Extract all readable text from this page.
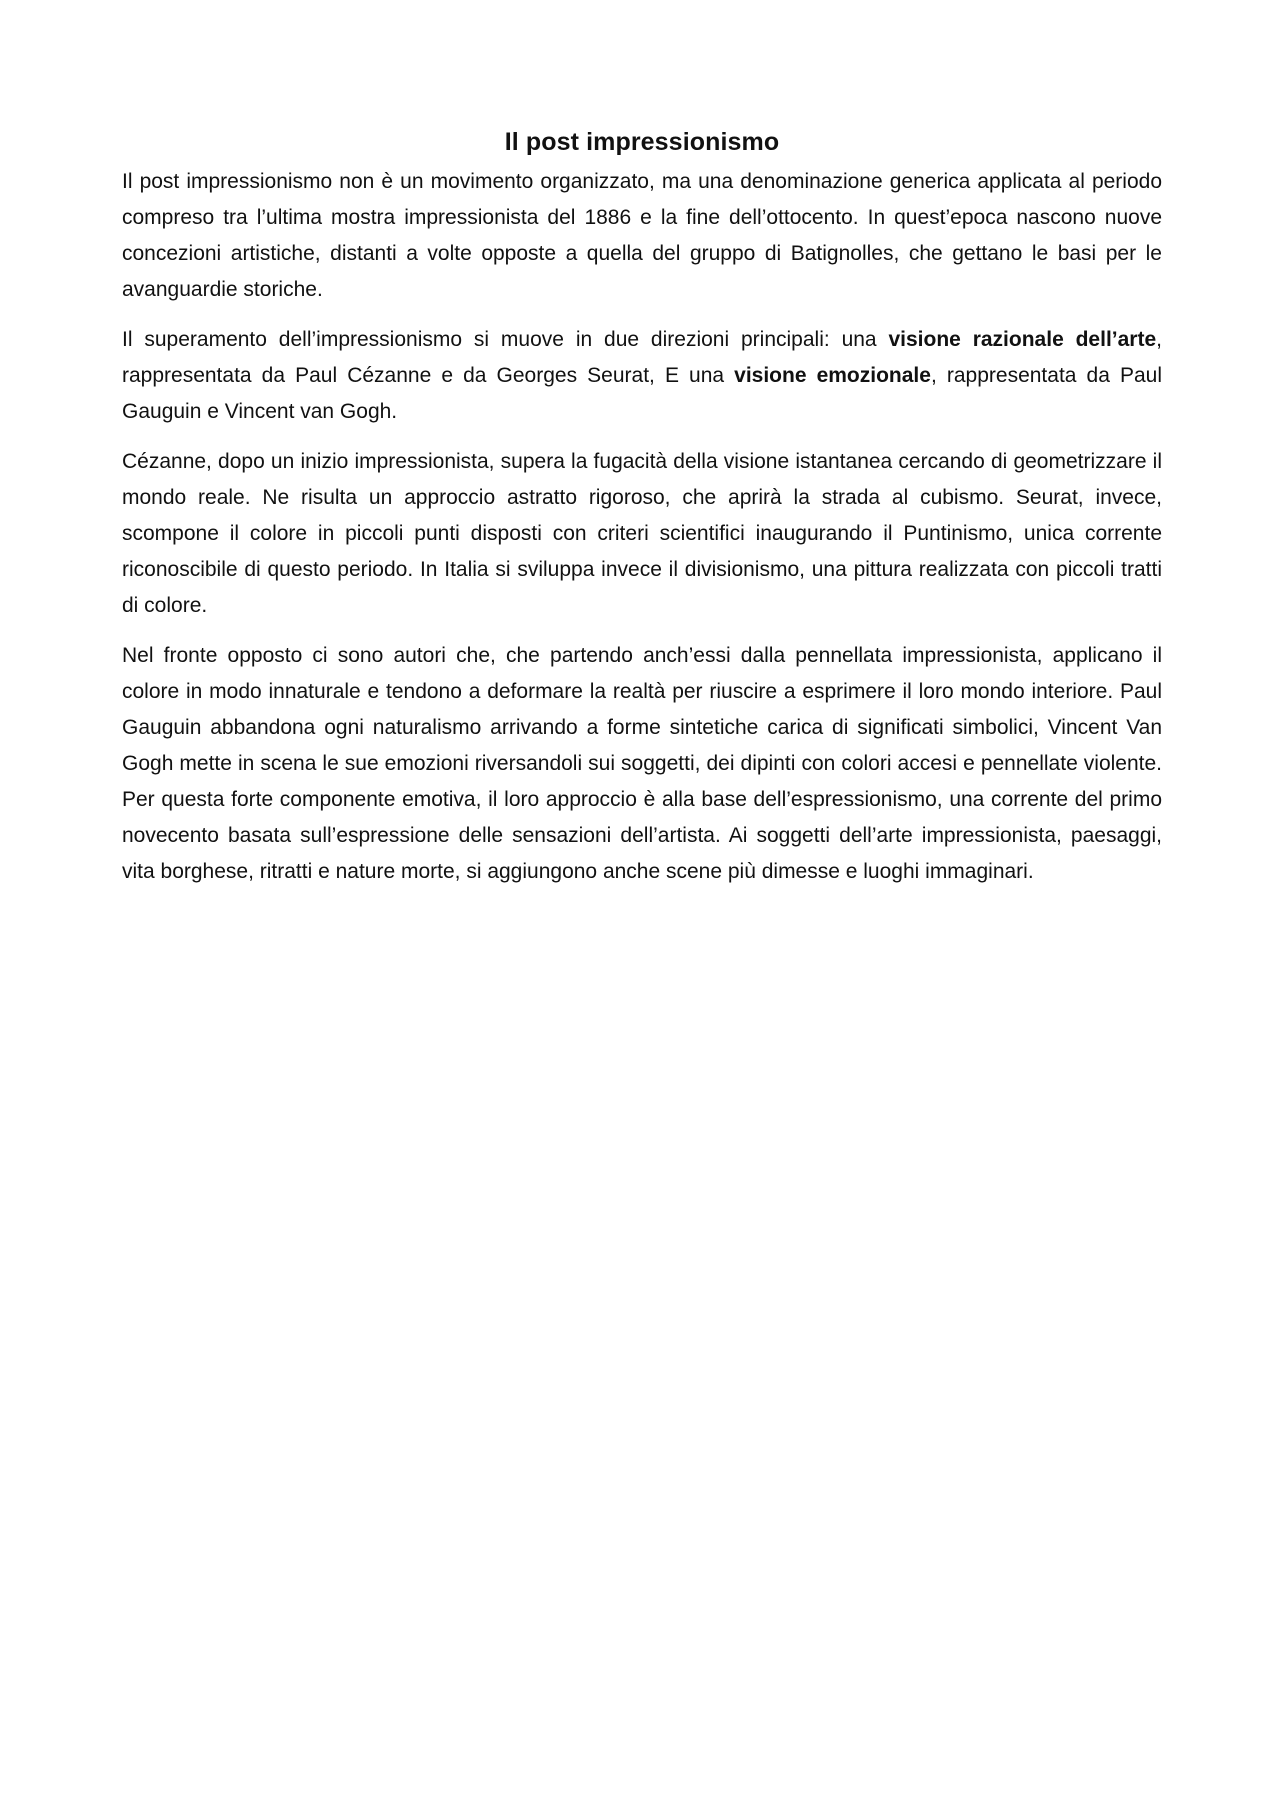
Il post impressionismo

Il post impressionismo non è un movimento organizzato, ma una denominazione generica applicata al periodo compreso tra l’ultima mostra impressionista del 1886 e la fine dell’ottocento. In quest’epoca nascono nuove concezioni artistiche, distanti a volte opposte a quella del gruppo di Batignolles, che gettano le basi per le avanguardie storiche.

Il superamento dell’impressionismo si muove in due direzioni principali: una visione razionale dell’arte, rappresentata da Paul Cézanne e da Georges Seurat, E una visione emozionale, rappresentata da Paul Gauguin e Vincent van Gogh.

Cézanne, dopo un inizio impressionista, supera la fugacità della visione istantanea cercando di geometrizzare il mondo reale. Ne risulta un approccio astratto rigoroso, che aprirà la strada al cubismo. Seurat, invece, scompone il colore in piccoli punti disposti con criteri scientifici inaugurando il Puntinismo, unica corrente riconoscibile di questo periodo. In Italia si sviluppa invece il divisionismo, una pittura realizzata con piccoli tratti di colore.

Nel fronte opposto ci sono autori che, che partendo anch’essi dalla pennellata impressionista, applicano il colore in modo innaturale e tendono a deformare la realtà per riuscire a esprimere il loro mondo interiore. Paul Gauguin abbandona ogni naturalismo arrivando a forme sintetiche carica di significati simbolici, Vincent Van Gogh mette in scena le sue emozioni riversandoli sui soggetti, dei dipinti con colori accesi e pennellate violente. Per questa forte componente emotiva, il loro approccio è alla base dell’espressionismo, una corrente del primo novecento basata sull’espressione delle sensazioni dell’artista. Ai soggetti dell’arte impressionista, paesaggi, vita borghese, ritratti e nature morte, si aggiungono anche scene più dimesse e luoghi immaginari.
